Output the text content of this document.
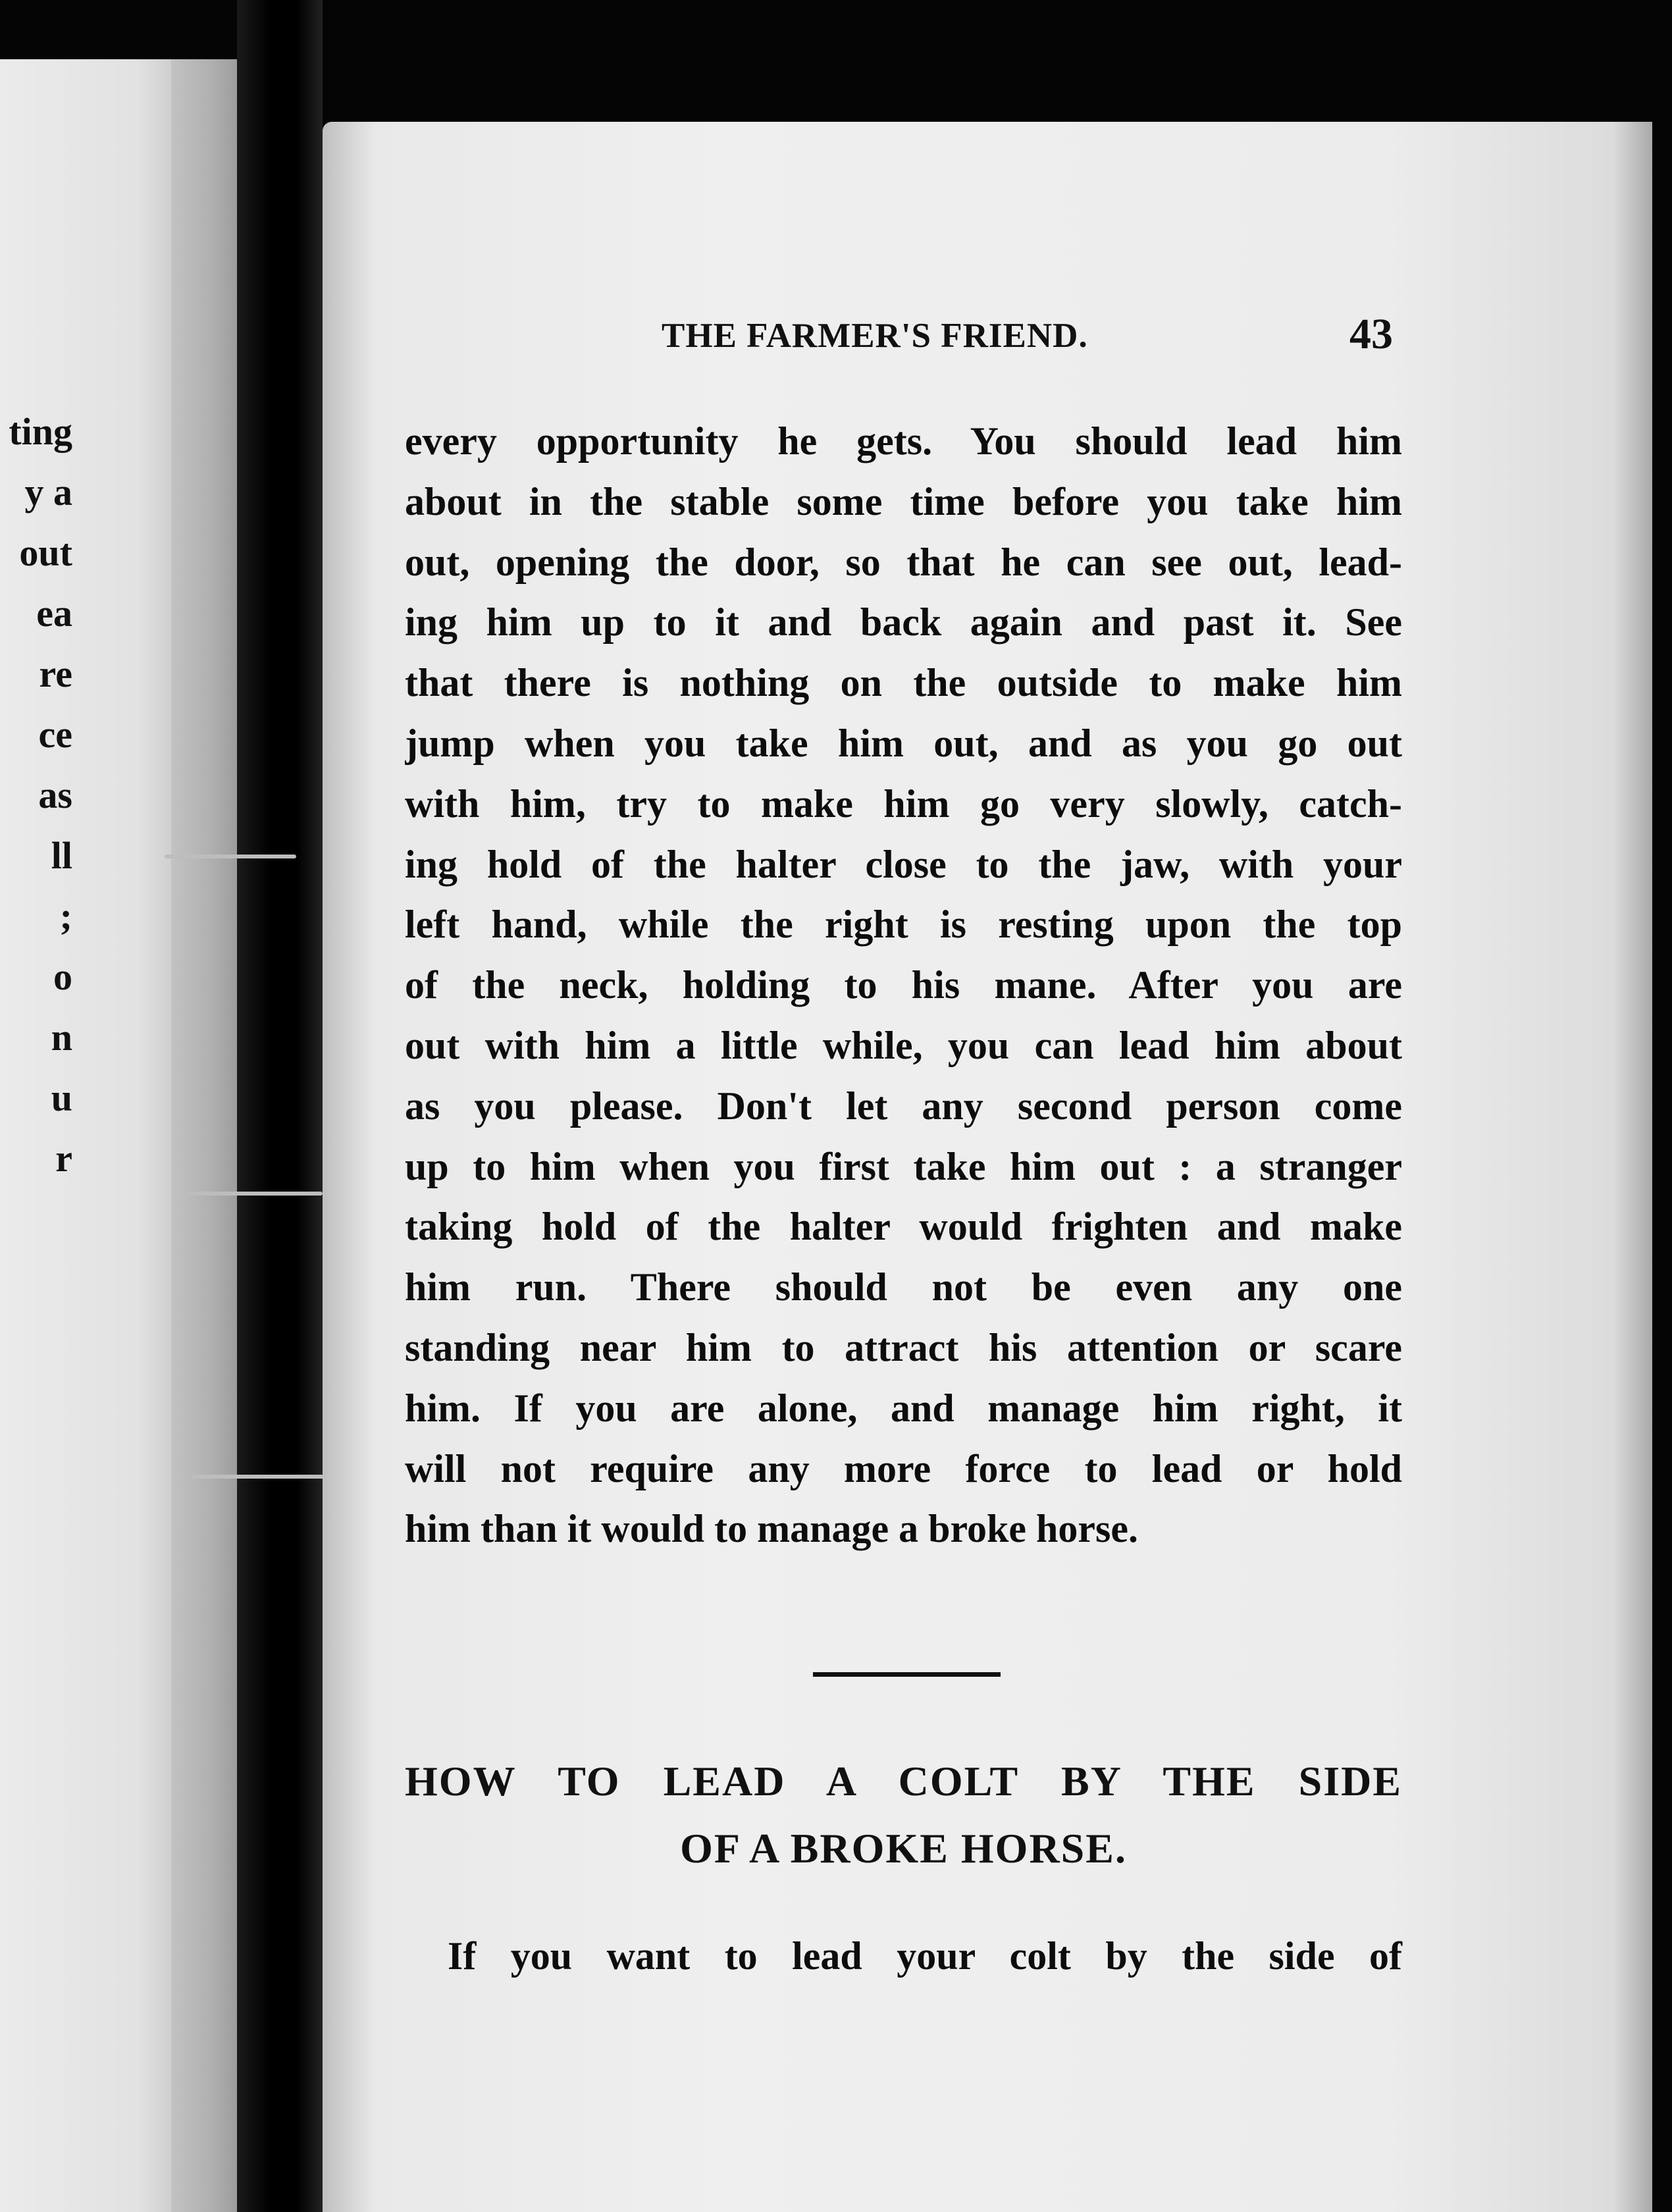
ting
y a
out
ea
re
ce
as
ll
;
o
n
u
r
THE FARMER'S FRIEND.	43
every opportunity he gets. You should lead him
about in the stable some time before you take him
out, opening the door, so that he can see out, lead-
ing him up to it and back again and past it. See
that there is nothing on the outside to make him
jump when you take him out, and as you go out
with him, try to make him go very slowly, catch-
ing hold of the halter close to the jaw, with your
left hand, while the right is resting upon the top
of the neck, holding to his mane. After you are
out with him a little while, you can lead him about
as you please. Don't let any second person come
up to him when you first take him out : a stranger
taking hold of the halter would frighten and make
him run. There should not be even any one
standing near him to attract his attention or scare
him. If you are alone, and manage him right, it
will not require any more force to lead or hold
him than it would to manage a broke horse.
HOW TO LEAD A COLT BY THE SIDE
OF A BROKE HORSE.
If you want to lead your colt by the side of
